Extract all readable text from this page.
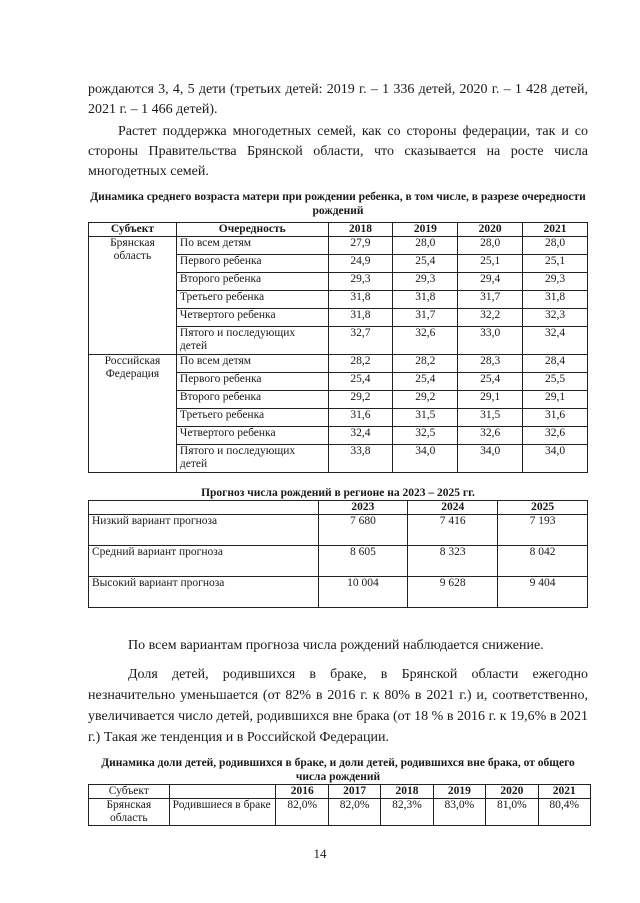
рождаются 3, 4, 5 дети (третьих детей: 2019 г. – 1 336 детей, 2020 г. – 1 428 детей, 2021 г. – 1 466 детей).

Растет поддержка многодетных семей, как со стороны федерации, так и со стороны Правительства Брянской области, что сказывается на росте числа многодетных семей.

Динамика среднего возраста матери при рождении ребенка, в том числе, в разрезе очередности рождений
Субъект	Очередность	2018	2019	2020	2021
Брянская область	По всем детям	27,9	28,0	28,0	28,0
	Первого ребенка	24,9	25,4	25,1	25,1
	Второго ребенка	29,3	29,3	29,4	29,3
	Третьего ребенка	31,8	31,8	31,7	31,8
	Четвертого ребенка	31,8	31,7	32,2	32,3
	Пятого и последующих детей	32,7	32,6	33,0	32,4
Российская Федерация	По всем детям	28,2	28,2	28,3	28,4
	Первого ребенка	25,4	25,4	25,4	25,5
	Второго ребенка	29,2	29,2	29,1	29,1
	Третьего ребенка	31,6	31,5	31,5	31,6
	Четвертого ребенка	32,4	32,5	32,6	32,6
	Пятого и последующих детей	33,8	34,0	34,0	34,0
Прогноз числа рождений в регионе на 2023 – 2025 гг.
	2023	2024	2025
Низкий вариант прогноза	7 680	7 416	7 193
Средний вариант прогноза	8 605	8 323	8 042
Высокий вариант прогноза	10 004	9 628	9 404

По всем вариантам прогноза числа рождений наблюдается снижение.

Доля детей, родившихся в браке, в Брянской области ежегодно незначительно уменьшается (от 82% в 2016 г. к 80% в 2021 г.) и, соответственно, увеличивается число детей, родившихся вне брака (от 18 % в 2016 г. к 19,6% в 2021 г.) Такая же тенденция и в Российской Федерации.

Динамика доли детей, родившихся в браке, и доли детей, родившихся вне брака, от общего числа рождений
Субъект		2016	2017	2018	2019	2020	2021
Брянская область	Родившиеся в браке	82,0%	82,0%	82,3%	83,0%	81,0%	80,4%
14
